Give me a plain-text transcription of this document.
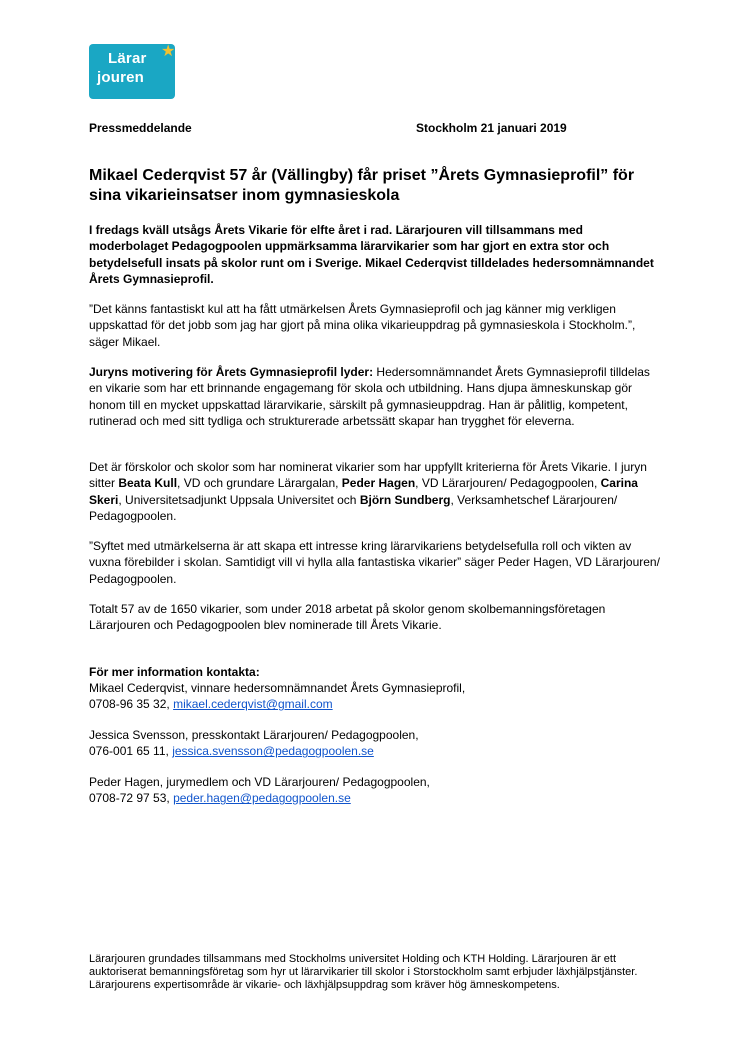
Lärar
jouren
★
Pressmeddelande	Stockholm 21 januari 2019
Mikael Cederqvist 57 år (Vällingby) får priset ”Årets Gymnasieprofil” för sina vikarieinsatser inom gymnasieskola
I fredags kväll utsågs Årets Vikarie för elfte året i rad. Lärarjouren vill tillsammans med moderbolaget Pedagogpoolen uppmärksamma lärarvikarier som har gjort en extra stor och betydelsefull insats på skolor runt om i Sverige. Mikael Cederqvist tilldelades hedersomnämnandet Årets Gymnasieprofil.
”Det känns fantastiskt kul att ha fått utmärkelsen Årets Gymnasieprofil och jag känner mig verkligen uppskattad för det jobb som jag har gjort på mina olika vikarieuppdrag på gymnasieskola i Stockholm.”, säger Mikael.
Juryns motivering för Årets Gymnasieprofil lyder: Hedersomnämnandet Årets Gymnasieprofil tilldelas en vikarie som har ett brinnande engagemang för skola och utbildning. Hans djupa ämneskunskap gör honom till en mycket uppskattad lärarvikarie, särskilt på gymnasieuppdrag. Han är pålitlig, kompetent, rutinerad och med sitt tydliga och strukturerade arbetssätt skapar han trygghet för eleverna.
Det är förskolor och skolor som har nominerat vikarier som har uppfyllt kriterierna för Årets Vikarie. I juryn sitter Beata Kull, VD och grundare Lärargalan, Peder Hagen, VD Lärarjouren/ Pedagogpoolen, Carina Skeri, Universitetsadjunkt Uppsala Universitet och Björn Sundberg, Verksamhetschef Lärarjouren/ Pedagogpoolen.
”Syftet med utmärkelserna är att skapa ett intresse kring lärarvikariens betydelsefulla roll och vikten av vuxna förebilder i skolan. Samtidigt vill vi hylla alla fantastiska vikarier” säger Peder Hagen, VD Lärarjouren/ Pedagogpoolen.
Totalt 57 av de 1650 vikarier, som under 2018 arbetat på skolor genom skolbemanningsföretagen Lärarjouren och Pedagogpoolen blev nominerade till Årets Vikarie.
För mer information kontakta:
Mikael Cederqvist, vinnare hedersomnämnandet Årets Gymnasieprofil,
0708-96 35 32, mikael.cederqvist@gmail.com
Jessica Svensson, presskontakt Lärarjouren/ Pedagogpoolen,
076-001 65 11, jessica.svensson@pedagogpoolen.se
Peder Hagen, jurymedlem och VD Lärarjouren/ Pedagogpoolen,
0708-72 97 53, peder.hagen@pedagogpoolen.se
Lärarjouren grundades tillsammans med Stockholms universitet Holding och KTH Holding. Lärarjouren är ett auktoriserat bemanningsföretag som hyr ut lärarvikarier till skolor i Storstockholm samt erbjuder läxhjälpstjänster. Lärarjourens expertisområde är vikarie- och läxhjälpsuppdrag som kräver hög ämneskompetens.
